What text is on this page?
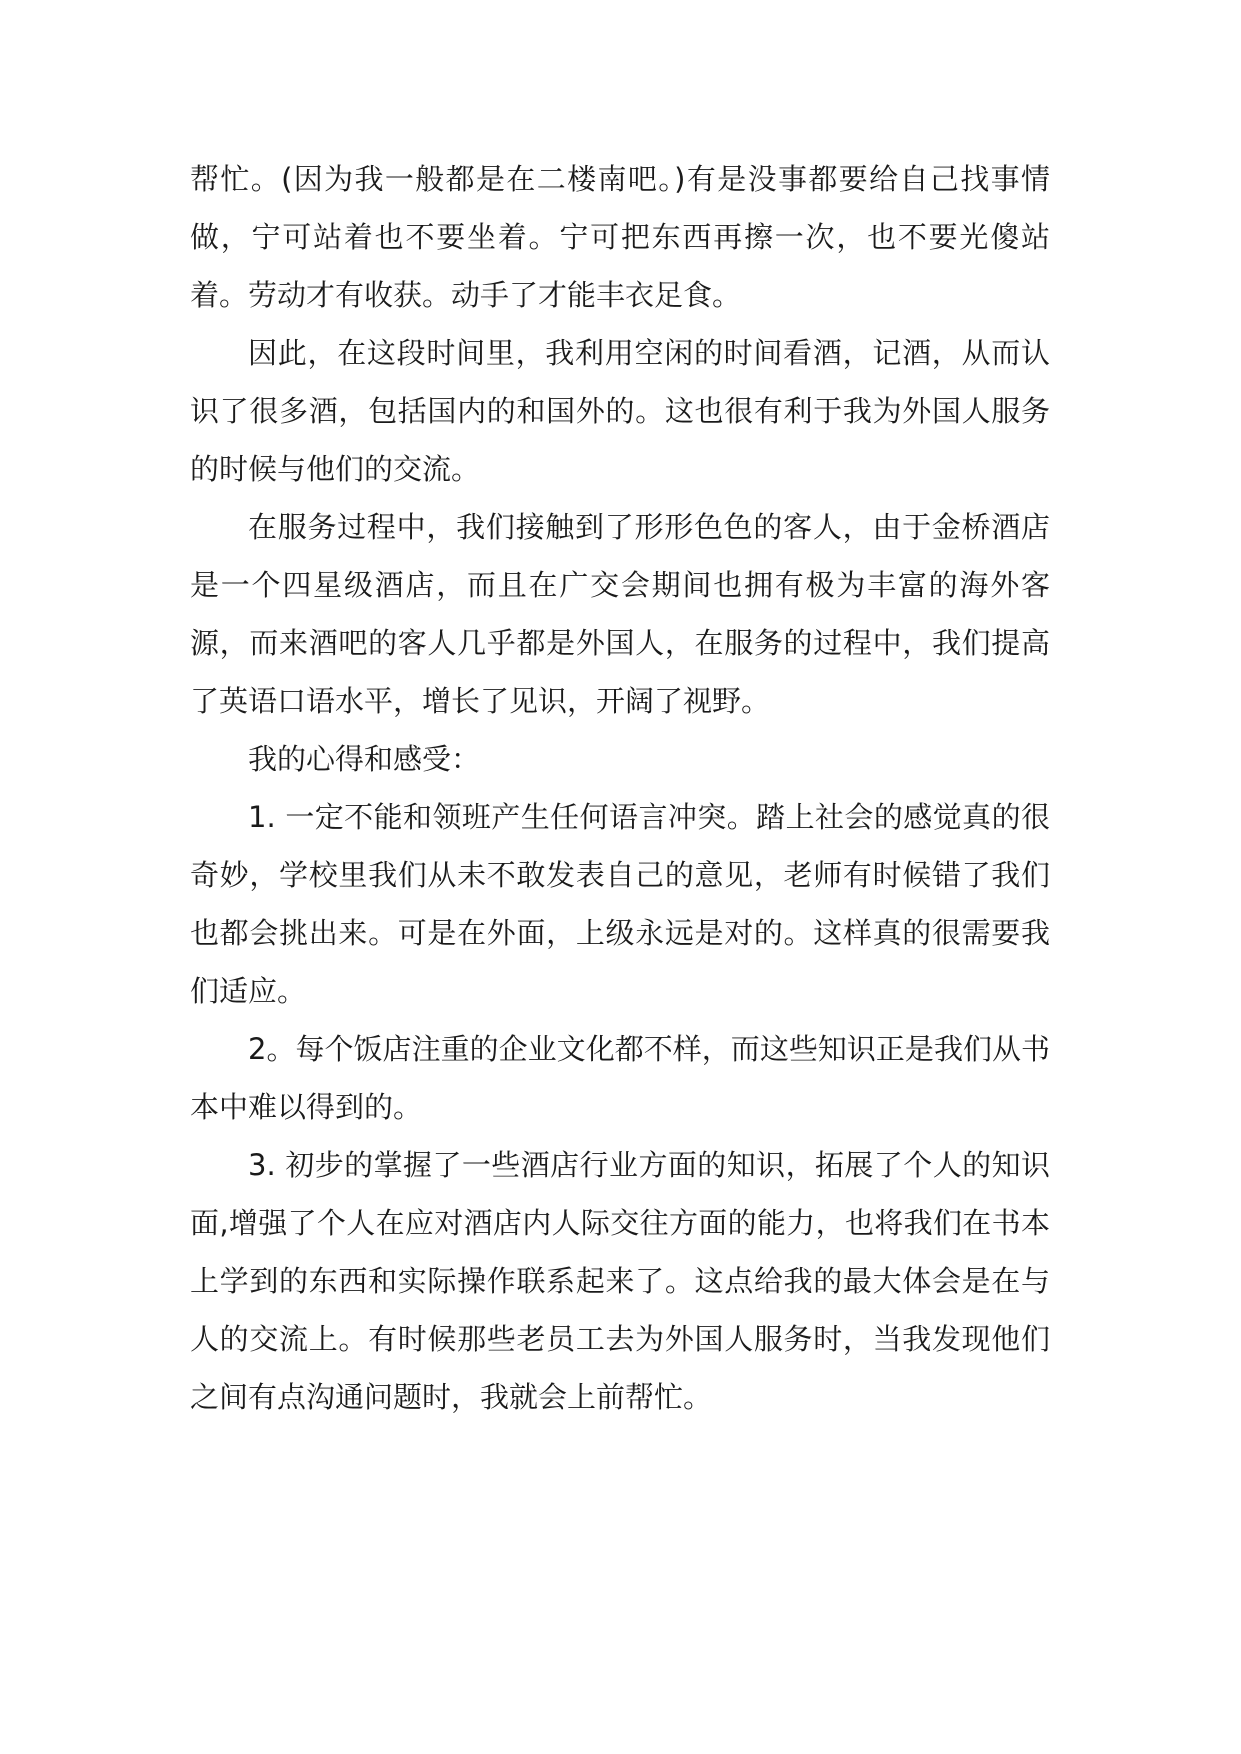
帮忙。(因为我一般都是在二楼南吧。)有是没事都要给自己找事情做，宁可站着也不要坐着。宁可把东西再擦一次，也不要光傻站着。劳动才有收获。动手了才能丰衣足食。

因此，在这段时间里，我利用空闲的时间看酒，记酒，从而认识了很多酒，包括国内的和国外的。这也很有利于我为外国人服务的时候与他们的交流。

在服务过程中，我们接触到了形形色色的客人，由于金桥酒店是一个四星级酒店，而且在广交会期间也拥有极为丰富的海外客源，而来酒吧的客人几乎都是外国人，在服务的过程中，我们提高了英语口语水平，增长了见识，开阔了视野。

我的心得和感受：

1. 一定不能和领班产生任何语言冲突。踏上社会的感觉真的很奇妙，学校里我们从未不敢发表自己的意见，老师有时候错了我们也都会挑出来。可是在外面，上级永远是对的。这样真的很需要我们适应。

2。每个饭店注重的企业文化都不样，而这些知识正是我们从书本中难以得到的。

3. 初步的掌握了一些酒店行业方面的知识，拓展了个人的知识面,增强了个人在应对酒店内人际交往方面的能力，也将我们在书本上学到的东西和实际操作联系起来了。这点给我的最大体会是在与人的交流上。有时候那些老员工去为外国人服务时，当我发现他们之间有点沟通问题时，我就会上前帮忙。
